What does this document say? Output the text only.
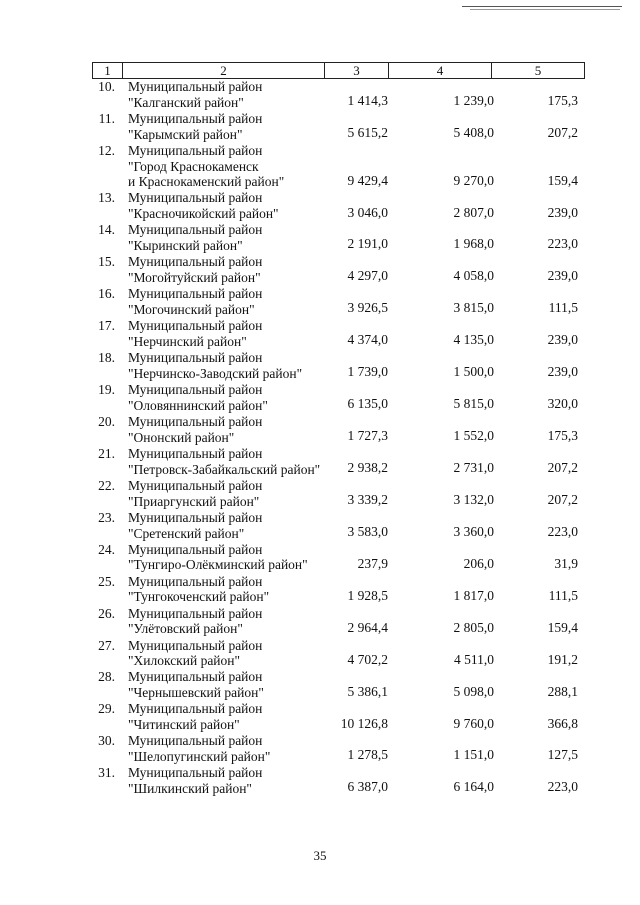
1	2	3	4	5
10. Муниципальный район
"Калганский район"	1 414,3	1 239,0	175,3
11. Муниципальный район
"Карымский район"	5 615,2	5 408,0	207,2
12. Муниципальный район
"Город Краснокаменск
и Краснокаменский район"	9 429,4	9 270,0	159,4
13. Муниципальный район
"Красночикойский район"	3 046,0	2 807,0	239,0
14. Муниципальный район
"Кыринский район"	2 191,0	1 968,0	223,0
15. Муниципальный район
"Могойтуйский район"	4 297,0	4 058,0	239,0
16. Муниципальный район
"Могочинский район"	3 926,5	3 815,0	111,5
17. Муниципальный район
"Нерчинский район"	4 374,0	4 135,0	239,0
18. Муниципальный район
"Нерчинско-Заводский район"	1 739,0	1 500,0	239,0
19. Муниципальный район
"Оловяннинский район"	6 135,0	5 815,0	320,0
20. Муниципальный район
"Ононский район"	1 727,3	1 552,0	175,3
21. Муниципальный район
"Петровск-Забайкальский район"	2 938,2	2 731,0	207,2
22. Муниципальный район
"Приаргунский район"	3 339,2	3 132,0	207,2
23. Муниципальный район
"Сретенский район"	3 583,0	3 360,0	223,0
24. Муниципальный район
"Тунгиро-Олёкминский район"	237,9	206,0	31,9
25. Муниципальный район
"Тунгокоченский район"	1 928,5	1 817,0	111,5
26. Муниципальный район
"Улётовский район"	2 964,4	2 805,0	159,4
27. Муниципальный район
"Хилокский район"	4 702,2	4 511,0	191,2
28. Муниципальный район
"Чернышевский район"	5 386,1	5 098,0	288,1
29. Муниципальный район
"Читинский район"	10 126,8	9 760,0	366,8
30. Муниципальный район
"Шелопугинский район"	1 278,5	1 151,0	127,5
31. Муниципальный район
"Шилкинский район"	6 387,0	6 164,0	223,0
35
